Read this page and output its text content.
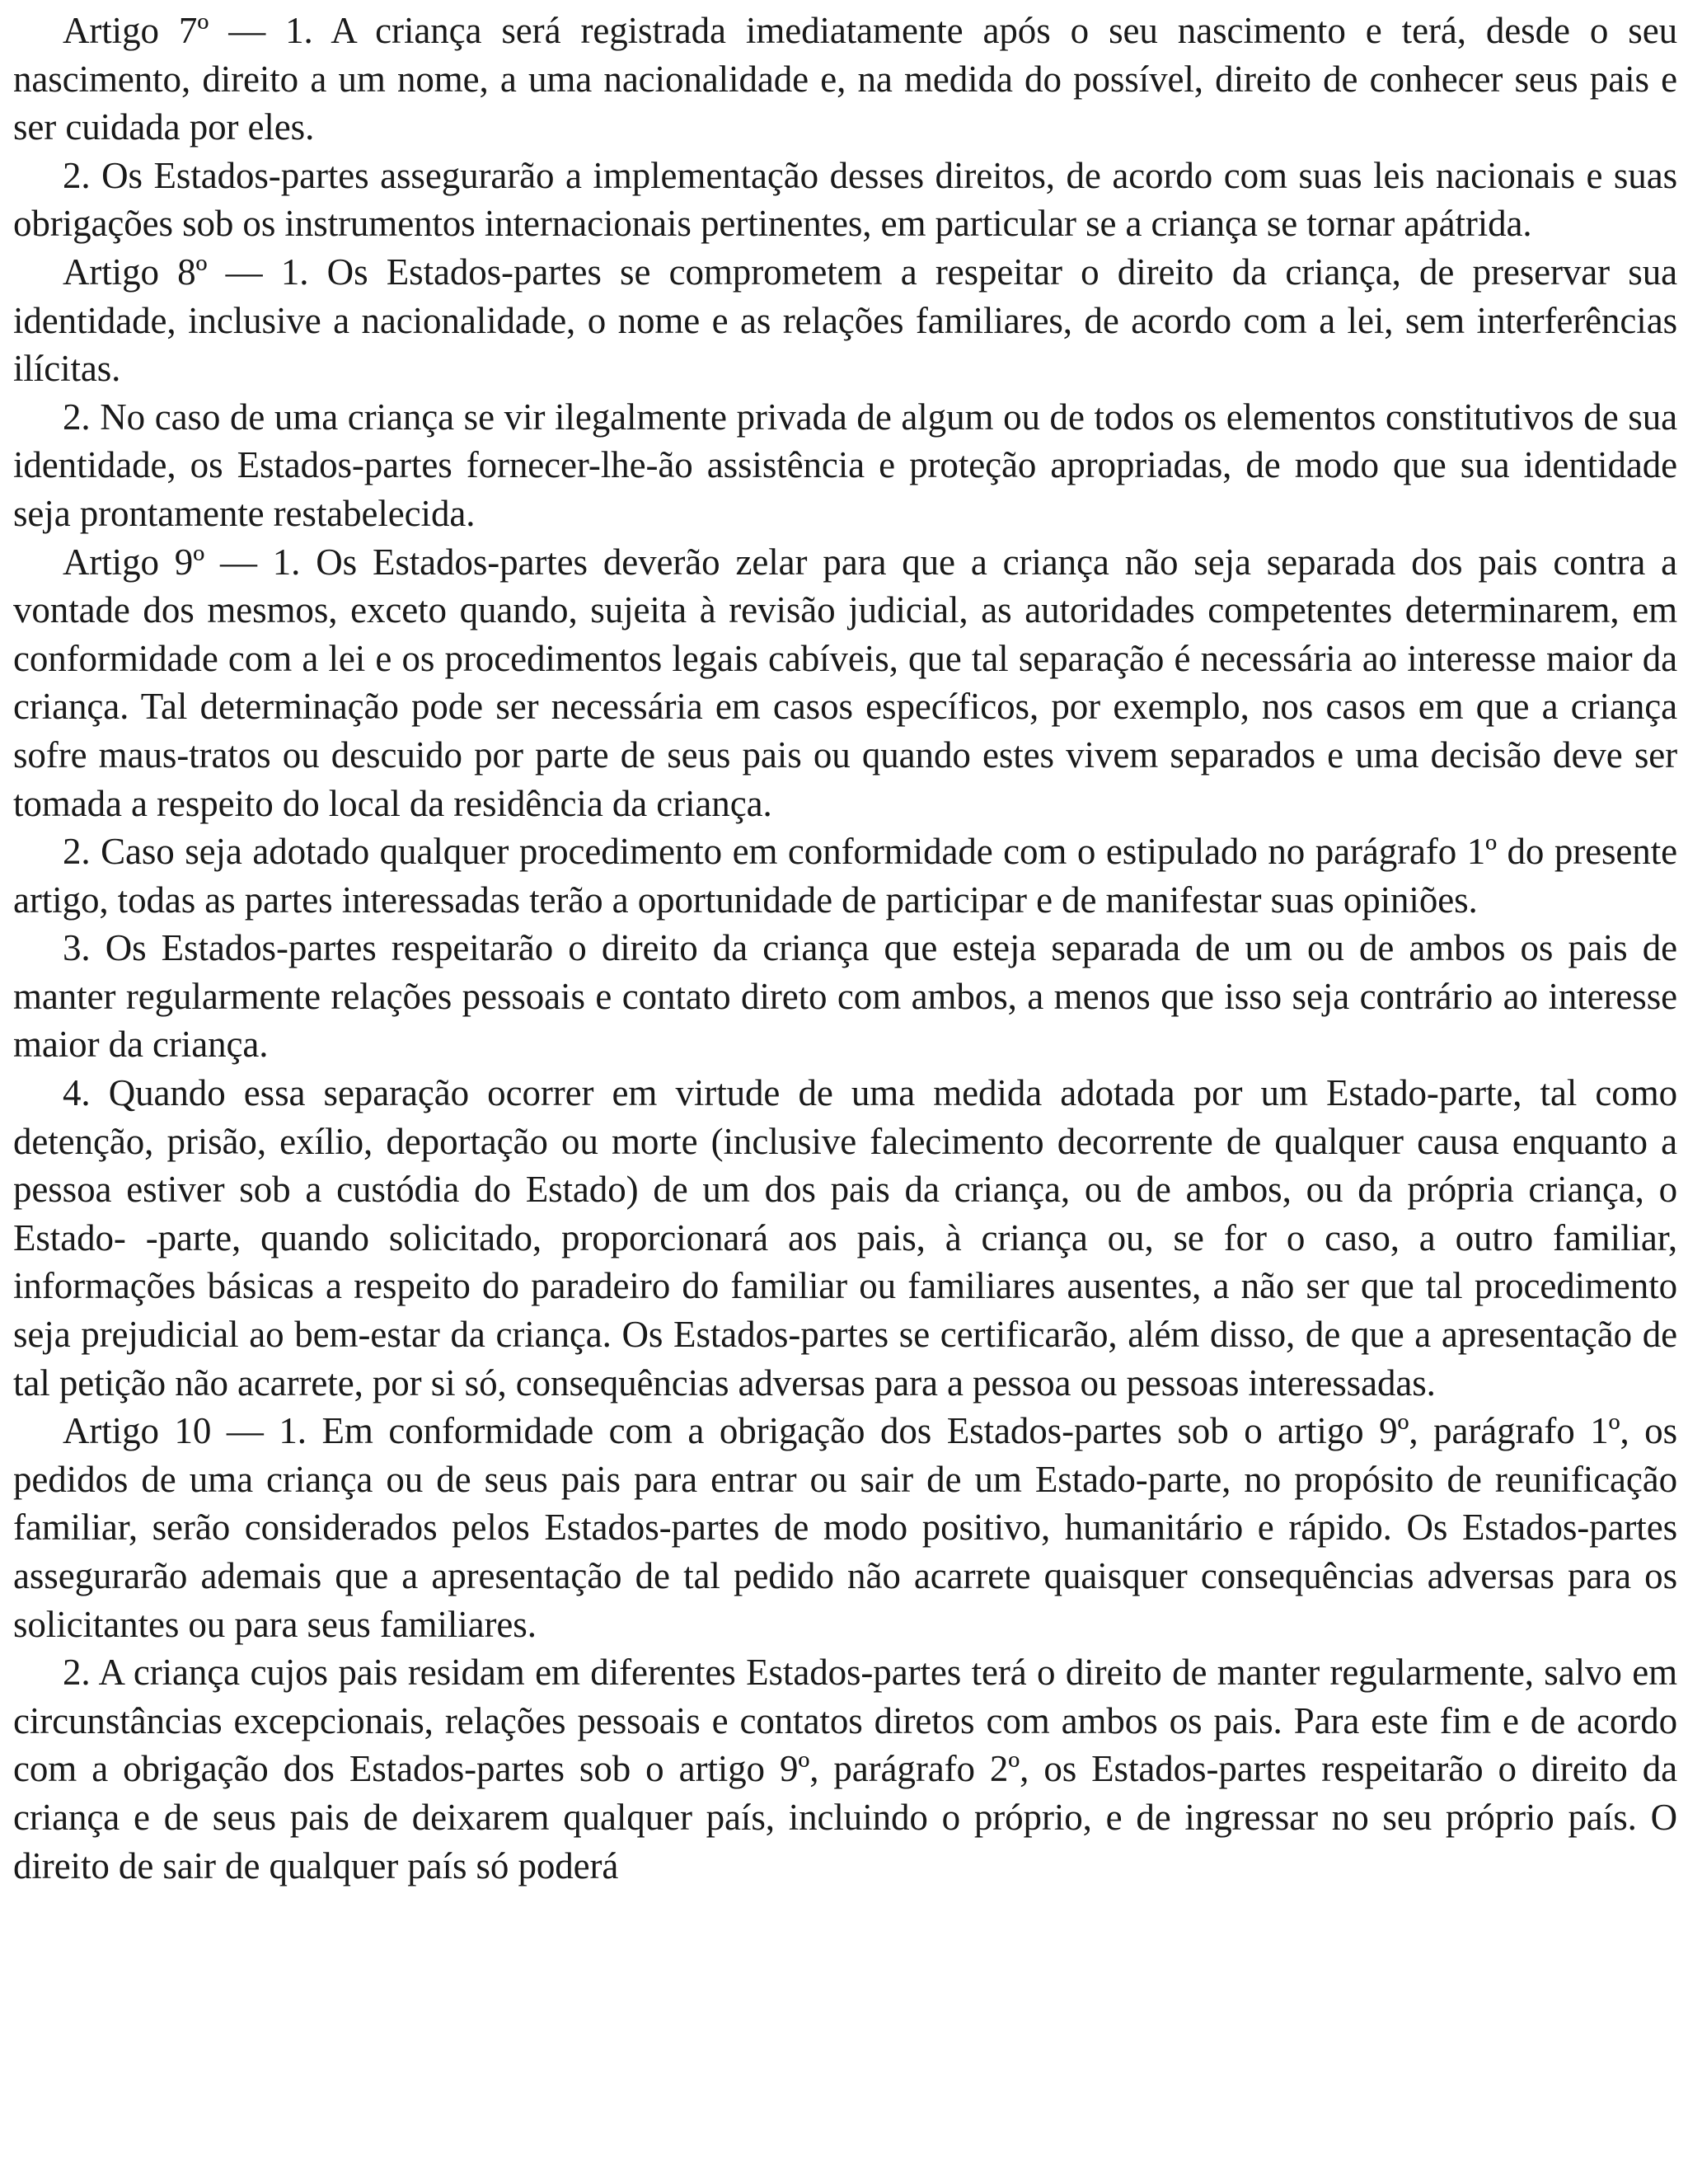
Artigo 7º — 1. A criança será registrada imediatamente após o seu nascimento e terá, desde o seu nascimento, direito a um nome, a uma nacionalidade e, na medida do possível, direito de conhecer seus pais e ser cuidada por eles.

2. Os Estados-partes assegurarão a implementação desses direitos, de acordo com suas leis nacionais e suas obrigações sob os instrumentos internacionais pertinentes, em particular se a criança se tornar apátrida.

Artigo 8º — 1. Os Estados-partes se comprometem a respeitar o direito da criança, de preservar sua identidade, inclusive a nacionalidade, o nome e as relações familiares, de acordo com a lei, sem interferências ilícitas.

2. No caso de uma criança se vir ilegalmente privada de algum ou de todos os elementos constitutivos de sua identidade, os Estados-partes fornecer-lhe-ão assistência e proteção apropriadas, de modo que sua identidade seja prontamente restabelecida.

Artigo 9º — 1. Os Estados-partes deverão zelar para que a criança não seja separada dos pais contra a vontade dos mesmos, exceto quando, sujeita à revisão judicial, as autoridades competentes determinarem, em conformidade com a lei e os procedimentos legais cabíveis, que tal separação é necessária ao interesse maior da criança. Tal determinação pode ser necessária em casos específicos, por exemplo, nos casos em que a criança sofre maus-tratos ou descuido por parte de seus pais ou quando estes vivem separados e uma decisão deve ser tomada a respeito do local da residência da criança.

2. Caso seja adotado qualquer procedimento em conformidade com o estipulado no parágrafo 1º do presente artigo, todas as partes interessadas terão a oportunidade de participar e de manifestar suas opiniões.

3. Os Estados-partes respeitarão o direito da criança que esteja separada de um ou de ambos os pais de manter regularmente relações pessoais e contato direto com ambos, a menos que isso seja contrário ao interesse maior da criança.

4. Quando essa separação ocorrer em virtude de uma medida adotada por um Estado-parte, tal como detenção, prisão, exílio, deportação ou morte (inclusive falecimento decorrente de qualquer causa enquanto a pessoa estiver sob a custódia do Estado) de um dos pais da criança, ou de ambos, ou da própria criança, o Estado- -parte, quando solicitado, proporcionará aos pais, à criança ou, se for o caso, a outro familiar, informações básicas a respeito do paradeiro do familiar ou familiares ausentes, a não ser que tal procedimento seja prejudicial ao bem-estar da criança. Os Estados-partes se certificarão, além disso, de que a apresentação de tal petição não acarrete, por si só, consequências adversas para a pessoa ou pessoas interessadas.

Artigo 10 — 1. Em conformidade com a obrigação dos Estados-partes sob o artigo 9º, parágrafo 1º, os pedidos de uma criança ou de seus pais para entrar ou sair de um Estado-parte, no propósito de reunificação familiar, serão considerados pelos Estados-partes de modo positivo, humanitário e rápido. Os Estados-partes assegurarão ademais que a apresentação de tal pedido não acarrete quaisquer consequências adversas para os solicitantes ou para seus familiares.

2. A criança cujos pais residam em diferentes Estados-partes terá o direito de manter regularmente, salvo em circunstâncias excepcionais, relações pessoais e contatos diretos com ambos os pais. Para este fim e de acordo com a obrigação dos Estados-partes sob o artigo 9º, parágrafo 2º, os Estados-partes respeitarão o direito da criança e de seus pais de deixarem qualquer país, incluindo o próprio, e de ingressar no seu próprio país. O direito de sair de qualquer país só poderá
